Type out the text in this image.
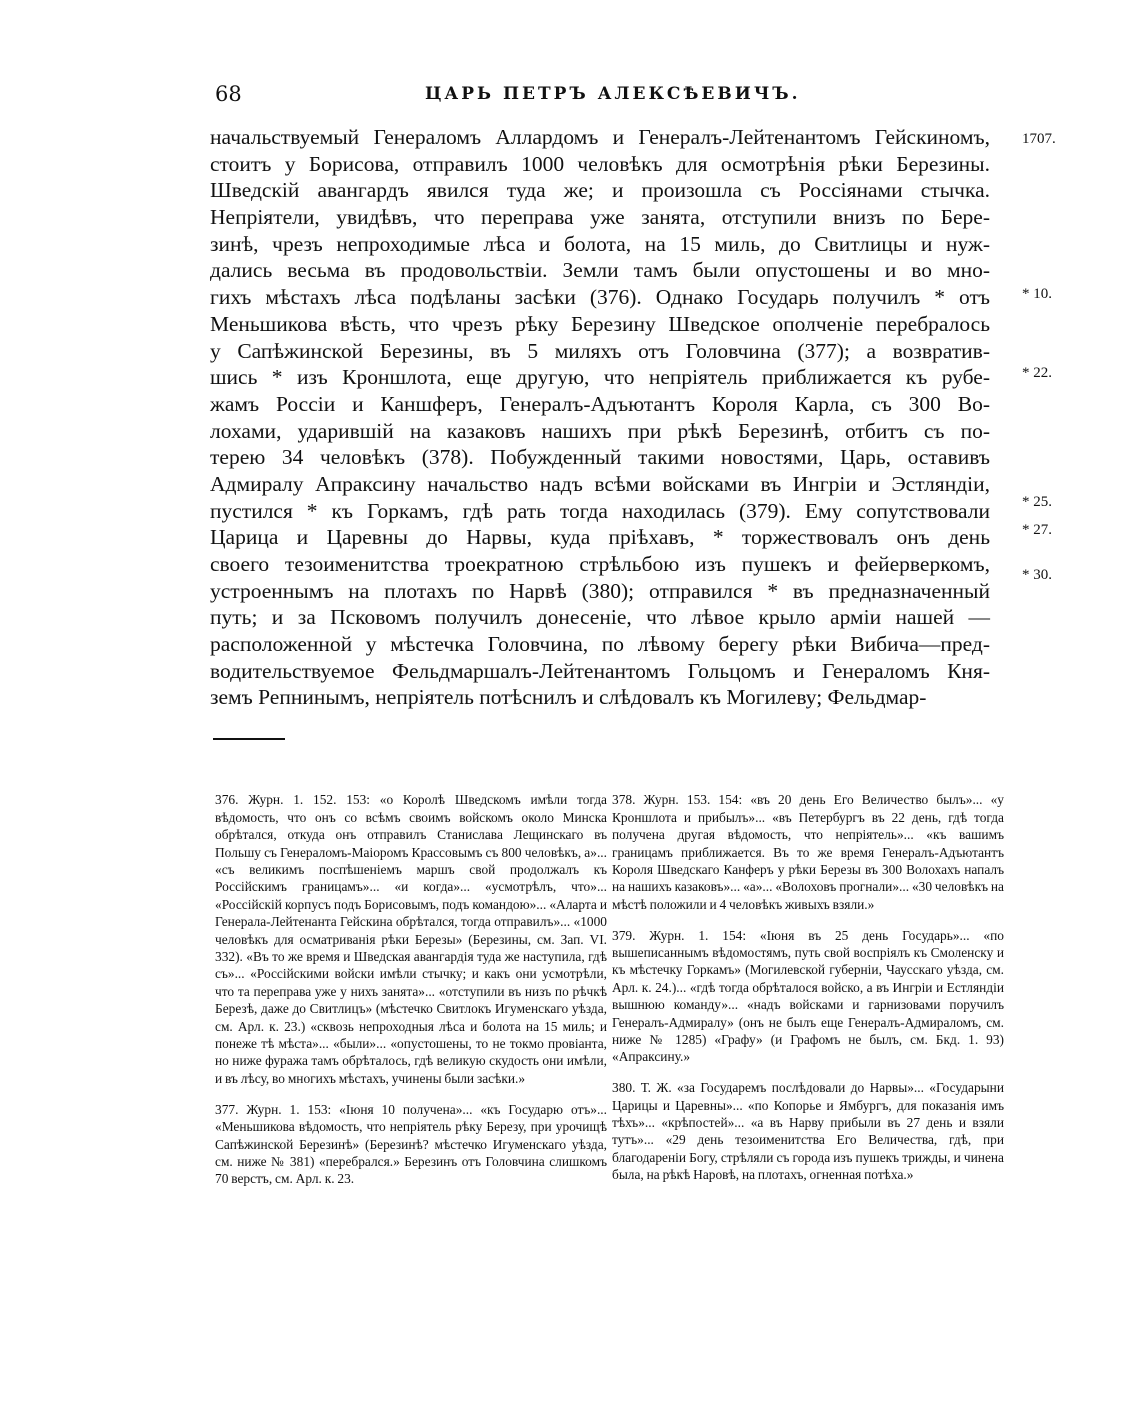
68	ЦАРЬ ПЕТРЪ АЛЕКСѢЕВИЧЪ.
начальствуемый Генераломъ Аллардомъ и Генералъ-Лейтенантомъ Гейскиномъ,
стоитъ у Борисова, отправилъ 1000 человѣкъ для осмотрѣнія рѣки Березины.
Шведскій авангардъ явился туда же; и произошла съ Россіянами стычка.
Непріятели, увидѣвъ, что переправа уже занята, отступили внизъ по Бере-
зинѣ, чрезъ непроходимые лѣса и болота, на 15 миль, до Свитлицы и нуж-
дались весьма въ продовольствіи. Земли тамъ были опустошены и во мно-
гихъ мѣстахъ лѣса подѣланы засѣки (376). Однако Государь получилъ * отъ
Меньшикова вѣсть, что чрезъ рѣку Березину Шведское ополченіе перебралось
у Сапѣжинской Березины, въ 5 миляхъ отъ Головчина (377); а возвратив-
шись * изъ Кроншлота, еще другую, что непріятель приближается къ рубе-
жамъ Россіи и Каншферъ, Генералъ-Адъютантъ Короля Карла, съ 300 Во-
лохами, ударившій на казаковъ нашихъ при рѣкѣ Березинѣ, отбитъ съ по-
терею 34 человѣкъ (378). Побужденный такими новостями, Царь, оставивъ
Адмиралу Апраксину начальство надъ всѣми войсками въ Ингріи и Эстляндіи,
пустился * къ Горкамъ, гдѣ рать тогда находилась (379). Ему сопутствовали
Царица и Царевны до Нарвы, куда пріѣхавъ, * торжествовалъ онъ день
своего тезоименитства троекратною стрѣльбою изъ пушекъ и фейерверкомъ,
устроеннымъ на плотахъ по Нарвѣ (380); отправился * въ предназначенный
путь; и за Псковомъ получилъ донесеніе, что лѣвое крыло арміи нашей —
расположенной у мѣстечка Головчина, по лѣвому берегу рѣки Вибича—пред-
водительствуемое Фельдмаршалъ-Лейтенантомъ Гольцомъ и Генераломъ Кня-
земъ Репнинымъ, непріятель потѣснилъ и слѣдовалъ къ Могилеву; Фельдмар-
1707.
* 10.
* 22.
* 25.
* 27.
* 30.

376. Журн. 1. 152. 153: «о Королѣ Шведскомъ имѣли тогда вѣдомость, что онъ со всѣмъ своимъ войскомъ около Минска обрѣтался, откуда онъ отправилъ Станислава Лещинскаго въ Польшу съ Генераломъ-Маіоромъ Крассовымъ съ 800 человѣкъ, а»... «съ великимъ поспѣшеніемъ маршъ свой продолжалъ къ Россійскимъ границамъ»... «и когда»... «усмотрѣлъ, что»... «Россійскій корпусъ подъ Борисовымъ, подъ командою»... «Аларта и Генерала-Лейтенанта Гейскина обрѣтался, тогда отправилъ»... «1000 человѣкъ для осматриванія рѣки Березы» (Березины, см. Зап. VI. 332). «Въ то же время и Шведская авангардія туда же наступила, гдѣ съ»... «Россійскими войски имѣли стычку; и какъ они усмотрѣли, что та переправа уже у нихъ занята»... «отступили въ низъ по рѣчкѣ Березѣ, даже до Свитлицъ» (мѣстечко Свитлокъ Игуменскаго уѣзда, см. Арл. к. 23.) «сквозь непроходныя лѣса и болота на 15 миль; и понеже тѣ мѣста»... «были»... «опустошены, то не токмо провіанта, но ниже фуража тамъ обрѣталось, гдѣ великую скудость они имѣли, и въ лѣсу, во многихъ мѣстахъ, учинены были засѣки.»

377. Журн. 1. 153: «Іюня 10 получена»... «къ Государю отъ»... «Меньшикова вѣдомость, что непріятель рѣку Березу, при урочищѣ Сапѣжинской Березинѣ» (Березинѣ? мѣстечко Игуменскаго уѣзда, см. ниже № 381) «перебрался.» Березинъ отъ Головчина слишкомъ 70 верстъ, см. Арл. к. 23.

378. Журн. 153. 154: «въ 20 день Его Величество былъ»... «у Кроншлота и прибылъ»... «въ Петербургъ въ 22 день, гдѣ тогда получена другая вѣдомость, что непріятель»... «къ вашимъ границамъ приближается. Въ то же время Генералъ-Адъютантъ Короля Шведскаго Канферъ у рѣки Березы въ 300 Волохахъ напалъ на нашихъ казаковъ»... «а»... «Волоховъ прогнали»... «30 человѣкъ на мѣстѣ положили и 4 человѣкъ живыхъ взяли.»

379. Журн. 1. 154: «Іюня въ 25 день Государь»... «по вышеписаннымъ вѣдомостямъ, путь свой воспріялъ къ Смоленску и къ мѣстечку Горкамъ» (Могилевской губерніи, Чаусскаго уѣзда, см. Арл. к. 24.)... «гдѣ тогда обрѣталося войско, а въ Ингріи и Естляндіи вышнюю команду»... «надъ войсками и гарнизовами поручилъ Генералъ-Адмиралу» (онъ не былъ еще Генералъ-Адмираломъ, см. ниже № 1285) «Графу» (и Графомъ не былъ, см. Бкд. 1. 93) «Апраксину.»

380. Т. Ж. «за Государемъ послѣдовали до Нарвы»... «Государыни Царицы и Царевны»... «по Копорье и Ямбургъ, для показанія имъ тѣхъ»... «крѣпостей»... «а въ Нарву прибыли въ 27 день и взяли тутъ»... «29 день тезоименитства Его Величества, гдѣ, при благодареніи Богу, стрѣляли съ города изъ пушекъ трижды, и чинена была, на рѣкѣ Наровѣ, на плотахъ, огненная потѣха.»
